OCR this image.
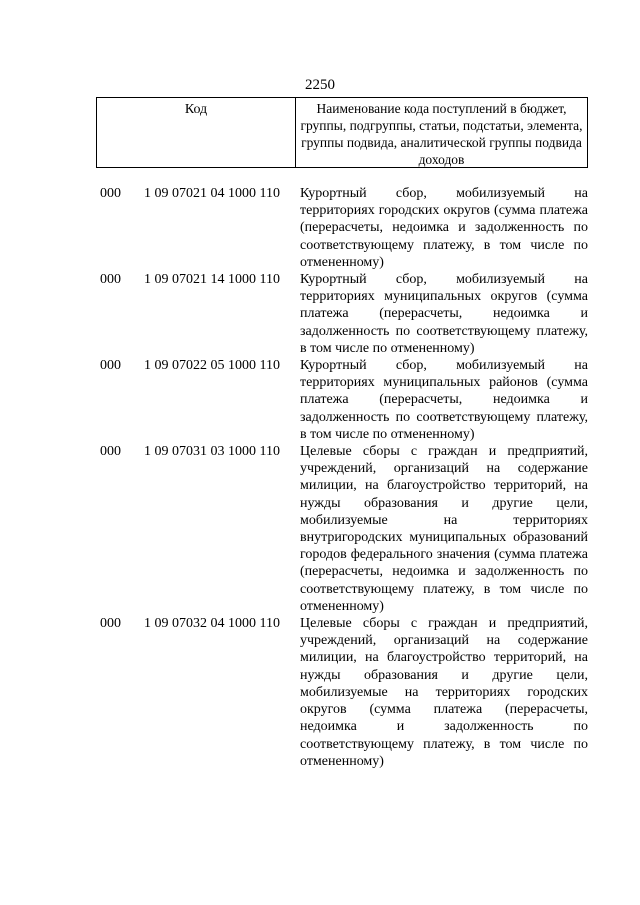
2250
Код	Наименование кода поступлений в бюджет, группы, подгруппы, статьи, подстатьи, элемента, группы подвида, аналитической группы подвида доходов
000	1 09 07021 04 1000 110	Курортный сбор, мобилизуемый на территориях городских округов (сумма платежа (перерасчеты, недоимка и задолженность по соответствующему платежу, в том числе по отмененному)
000	1 09 07021 14 1000 110	Курортный сбор, мобилизуемый на территориях муниципальных округов (сумма платежа (перерасчеты, недоимка и задолженность по соответствующему платежу, в том числе по отмененному)
000	1 09 07022 05 1000 110	Курортный сбор, мобилизуемый на территориях муниципальных районов (сумма платежа (перерасчеты, недоимка и задолженность по соответствующему платежу, в том числе по отмененному)
000	1 09 07031 03 1000 110	Целевые сборы с граждан и предприятий, учреждений, организаций на содержание милиции, на благоустройство территорий, на нужды образования и другие цели, мобилизуемые на территориях внутригородских муниципальных образований городов федерального значения (сумма платежа (перерасчеты, недоимка и задолженность по соответствующему платежу, в том числе по отмененному)
000	1 09 07032 04 1000 110	Целевые сборы с граждан и предприятий, учреждений, организаций на содержание милиции, на благоустройство территорий, на нужды образования и другие цели, мобилизуемые на территориях городских округов (сумма платежа (перерасчеты, недоимка и задолженность по соответствующему платежу, в том числе по отмененному)
